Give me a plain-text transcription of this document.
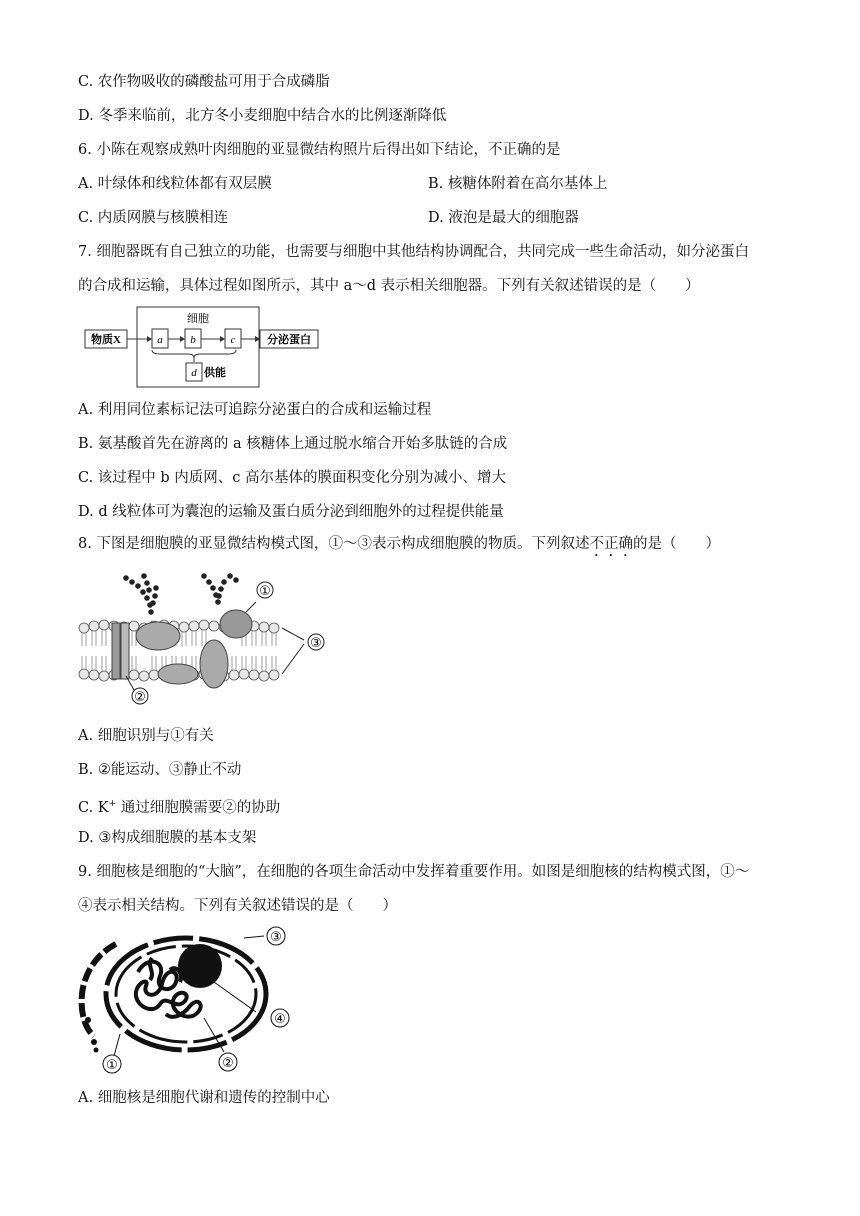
C. 农作物吸收的磷酸盐可用于合成磷脂
D. 冬季来临前，北方冬小麦细胞中结合水的比例逐渐降低
6. 小陈在观察成熟叶肉细胞的亚显微结构照片后得出如下结论，不正确的是
A. 叶绿体和线粒体都有双层膜	B. 核糖体附着在高尔基体上
C. 内质网膜与核膜相连	D. 液泡是最大的细胞器
7. 细胞器既有自己独立的功能，也需要与细胞中其他结构协调配合，共同完成一些生命活动，如分泌蛋白
的合成和运输，具体过程如图所示，其中 a～d 表示相关细胞器。下列有关叙述错误的是（　　）
细胞
物质X	a	b	c	分泌蛋白
d 供能
A. 利用同位素标记法可追踪分泌蛋白的合成和运输过程
B. 氨基酸首先在游离的 a 核糖体上通过脱水缩合开始多肽链的合成
C. 该过程中 b 内质网、c 高尔基体的膜面积变化分别为减小、增大
D. d 线粒体可为囊泡的运输及蛋白质分泌到细胞外的过程提供能量
8. 下图是细胞膜的亚显微结构模式图，①～③表示构成细胞膜的物质。下列叙述不正确的是（　　）
①
③
②
A. 细胞识别与①有关
B. ②能运动、③静止不动
C. K+ 通过细胞膜需要②的协助
D. ③构成细胞膜的基本支架
9. 细胞核是细胞的“大脑”，在细胞的各项生命活动中发挥着重要作用。如图是细胞核的结构模式图，①～
④表示相关结构。下列有关叙述错误的是（　　）
④
③
②
①
A. 细胞核是细胞代谢和遗传的控制中心
